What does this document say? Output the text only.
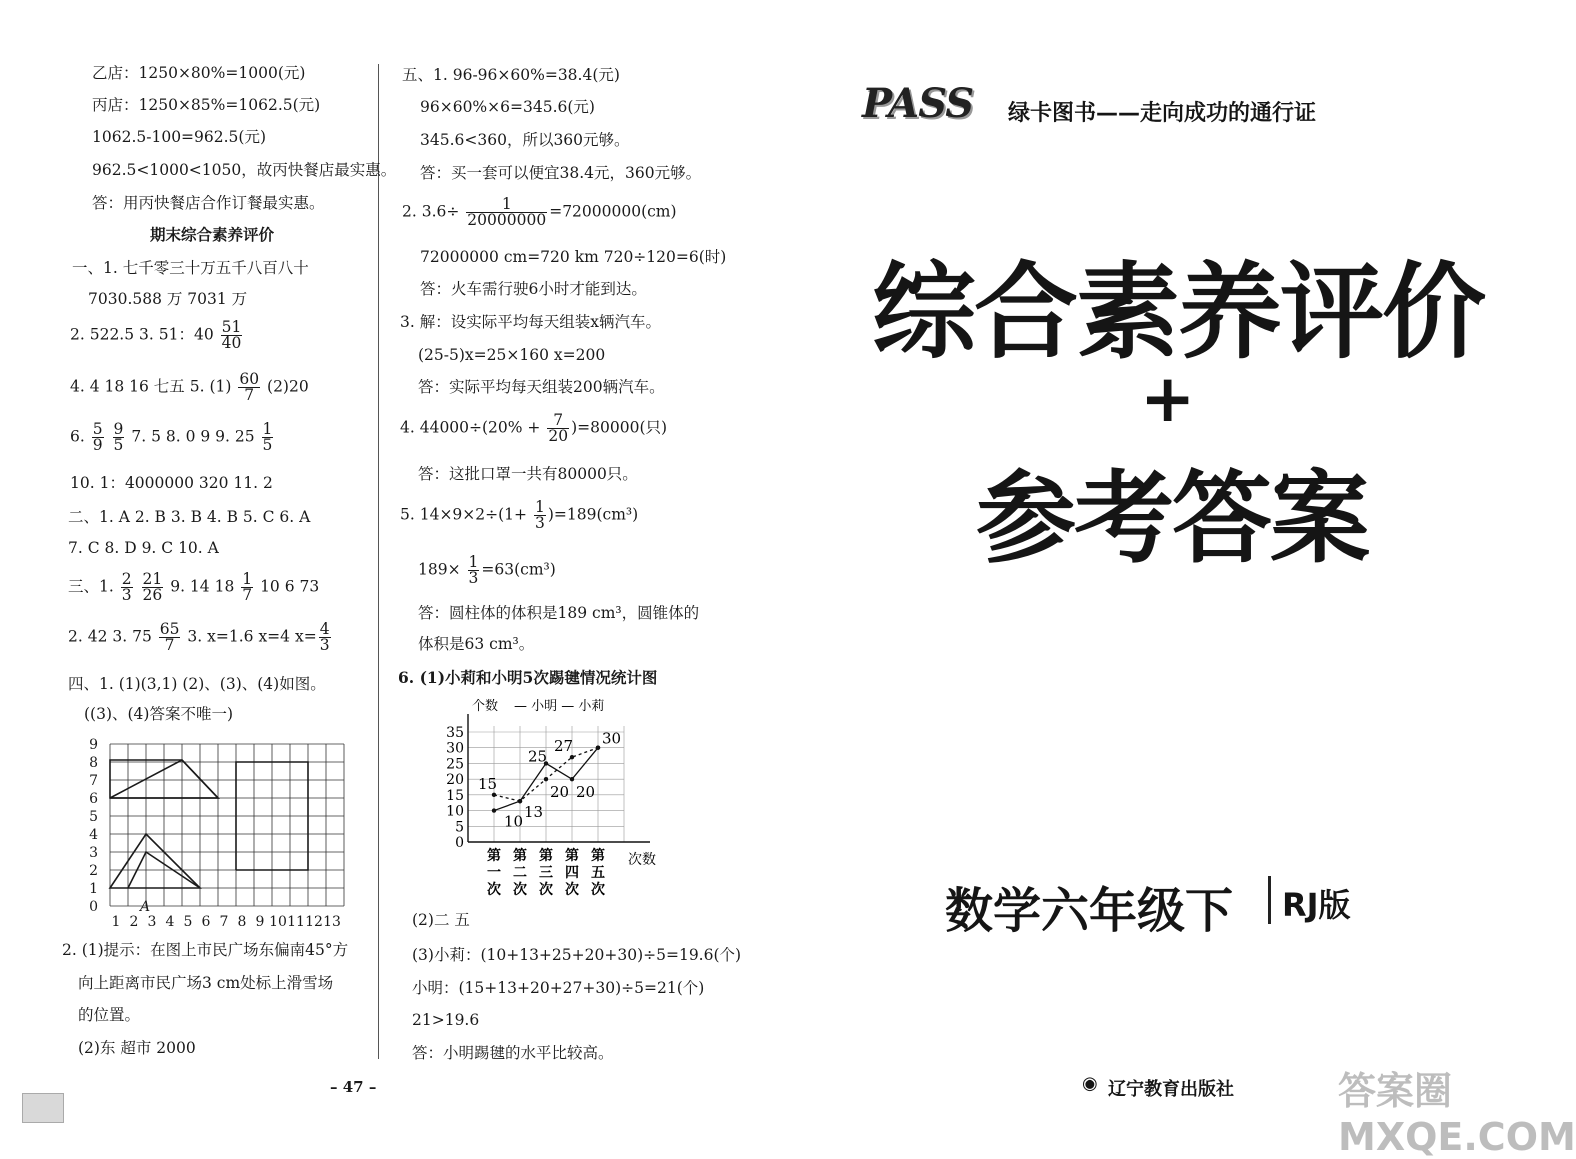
乙店：1250×80%=1000(元)
丙店：1250×85%=1062.5(元)
1062.5-100=962.5(元)
962.5<1000<1050，故丙快餐店最实惠。
答：用丙快餐店合作订餐最实惠。
期末综合素养评价
一、1. 七千零三十万五千八百八十
7030.588 万 7031 万
2. 522.5 3. 51：$40 \frac{51}{40}$
4. 4 18 16 七五 5. $(1) \frac{60}{7} (2)20$
6. $\frac{5}{9}$
$\frac{9}{5} 7$. 5 8. 0 9 9. $25 \frac{1}{5}$
10. 1：4000000 320 11. 2
二、1. A 2. B 3. B 4. B 5. C 6. A
7. C 8. D 9. C 10. A
三、1. $\frac{2}{3}$
$\frac{21}{26} 9$. 14 $18 \frac{1}{7} 10$ 6 73
2. 42 3. $75 \frac{65}{7} 3$. x=1.6 x=4 $x= \frac{4}{3}$
四、1. (1)(3,1) (2)、(3)、(4)如图。
((3)、(4)答案不唯一)
0
1
2
3
4
5
6
7
8
9
1 2 3 4 5 6 7 8 9 10 11 12 13
A
2. (1)提示：在图上市民广场东偏南45°方
向上距离市民广场3 cm处标上滑雪场
的位置。
(2)东 超市 2000
– 47 –
五、1. 96-96×60%=38.4(元)
96×60%×6=345.6(元)
345.6<360，所以360元够。
答：买一套可以便宜38.4元，360元够。
2. $3.6\div \frac{1}{20000000} =72000000(cm)$
72000000 cm=720 km 720÷120=6(时)
答：火车需行驶6小时才能到达。
3. 解：设实际平均每天组装x辆汽车。
(25-5)x=25×160 x=200
答：实际平均每天组装200辆汽车。
4. $44000\div(20\% + \frac{7}{20} )=80000$(只)
答：这批口罩一共有80000只。
5. $14\times 9\times 2\div(1+ \frac{1}{3} )=189(cm^3)$
$189\times \frac{1}{3} =63(cm^3)$
答：圆柱体的体积是189 cm³，圆锥体的
体积是63 cm³。
6. (1)小莉和小明5次踢毽情况统计图
0
5
10
15
20
25
30
35
个数 — 小明 — 小莉
次数
第一次
第二次
第三次
第四次
第五次
15
10
13
25
27
20 20
30
(2)二 五
(3)小莉：(10+13+25+20+30)÷5=19.6(个)
小明：(15+13+20+27+30)÷5=21(个)
21>19.6
答：小明踢毽的水平比较高。
PASS 绿卡图书——走向成功的通行证
综合素养评价
+
参考答案
数学六年级下 RJ版
◉ 辽宁教育出版社	答案圈 MXQE.COM
